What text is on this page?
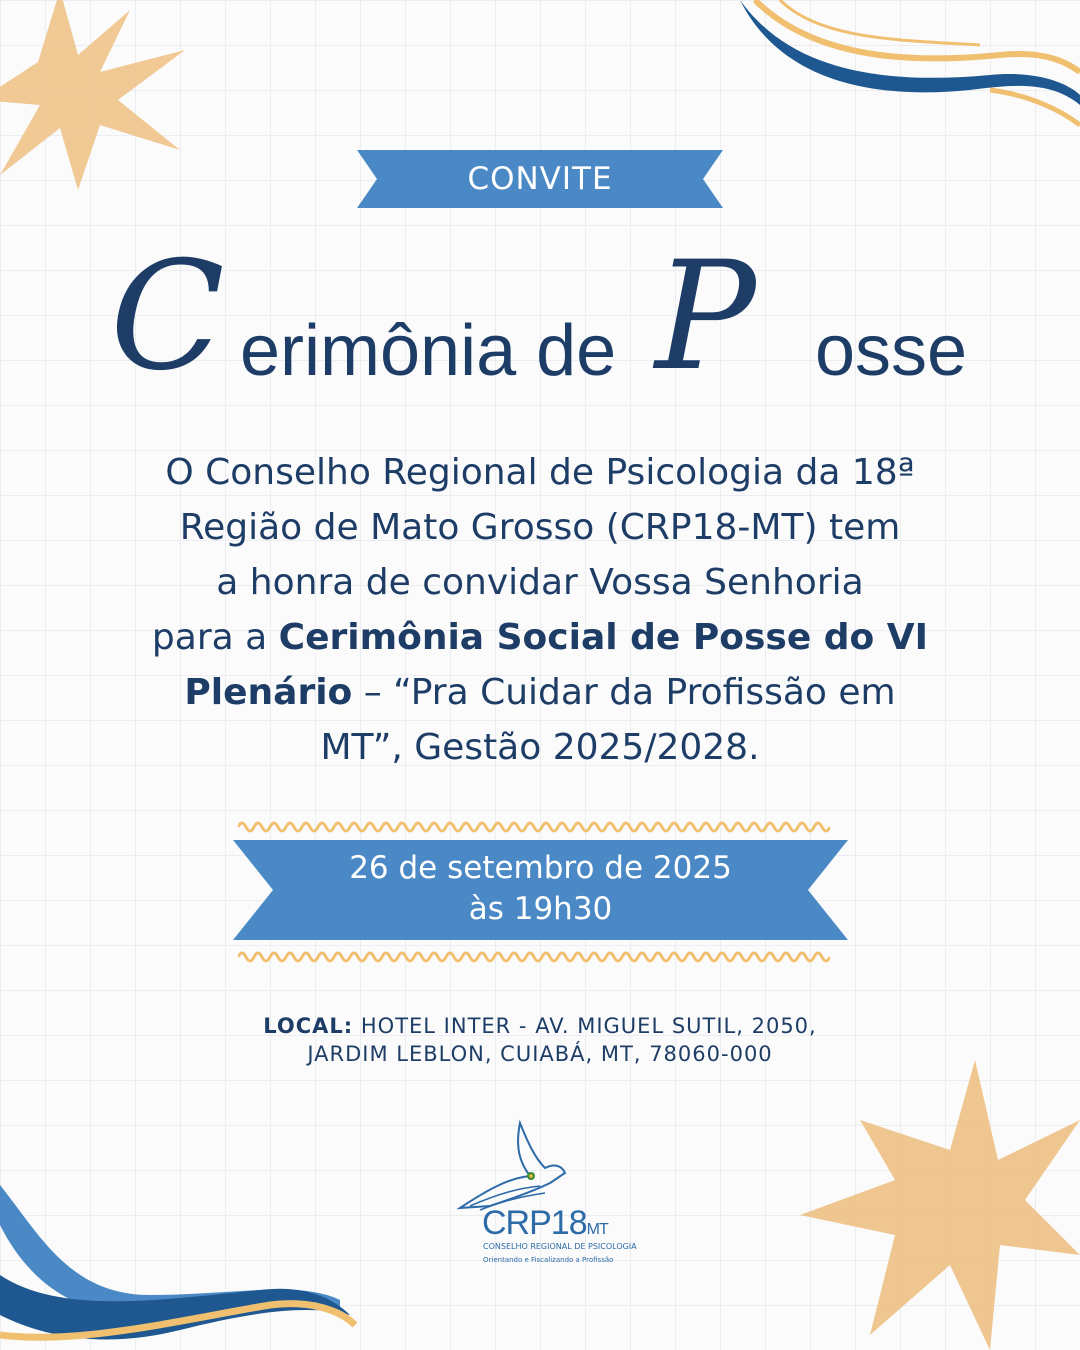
CONVITE
C erimônia de P osse
O Conselho Regional de Psicologia da 18ª
Região de Mato Grosso (CRP18-MT) tem
a honra de convidar Vossa Senhoria
para a Cerimônia Social de Posse do VI
Plenário – “Pra Cuidar da Profissão em
MT”, Gestão 2025/2028.
26 de setembro de 2025
às 19h30
LOCAL: HOTEL INTER - AV. MIGUEL SUTIL, 2050,
JARDIM LEBLON, CUIABÁ, MT, 78060-000
CRP18MT
CONSELHO REGIONAL DE PSICOLOGIA
Orientando e Fiscalizando a Profissão
